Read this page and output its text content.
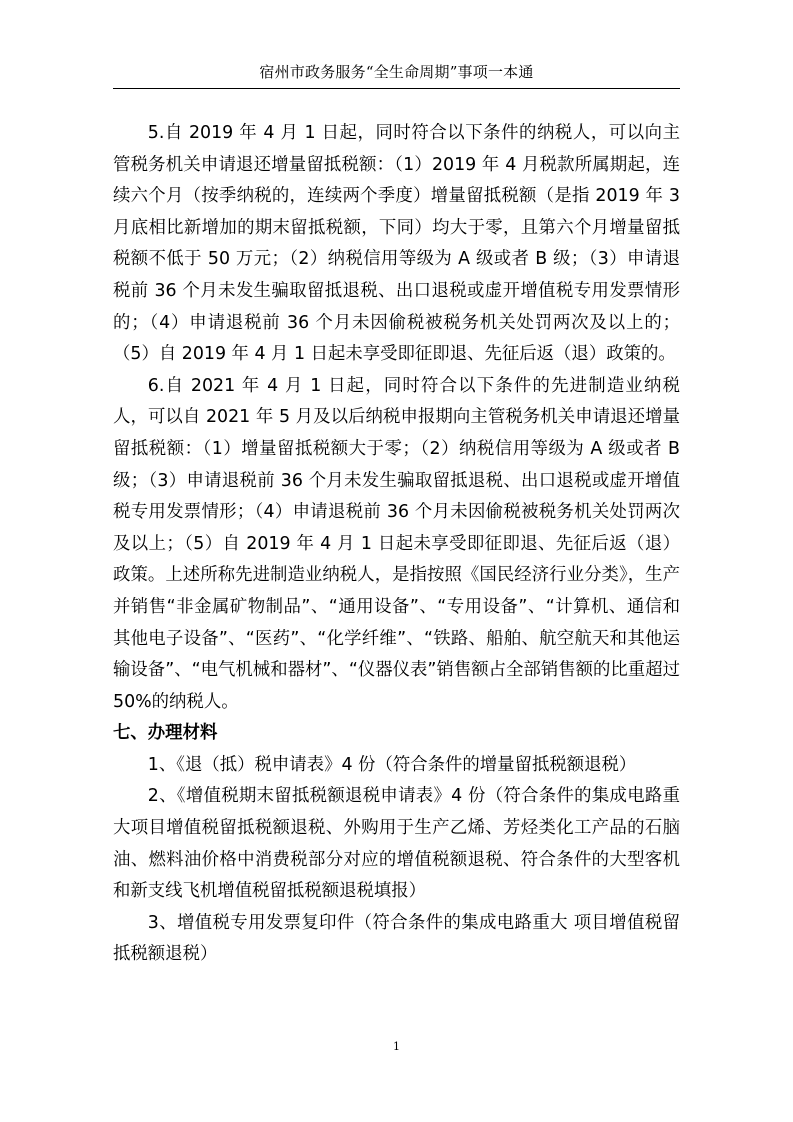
宿州市政务服务“全生命周期”事项一本通

5.自 2019 年 4 月 1 日起，同时符合以下条件的纳税人，可以向主管税务机关申请退还增量留抵税额：（1）2019 年 4 月税款所属期起，连续六个月（按季纳税的，连续两个季度）增量留抵税额（是指 2019 年 3 月底相比新增加的期末留抵税额，下同）均大于零，且第六个月增量留抵税额不低于 50 万元；（2）纳税信用等级为 A 级或者 B 级；（3）申请退税前 36 个月未发生骗取留抵退税、出口退税或虚开增值税专用发票情形的；（4）申请退税前 36 个月未因偷税被税务机关处罚两次及以上的；（5）自 2019 年 4 月 1 日起未享受即征即退、先征后返（退）政策的。

6.自 2021 年 4 月 1 日起，同时符合以下条件的先进制造业纳税人，可以自 2021 年 5 月及以后纳税申报期向主管税务机关申请退还增量留抵税额：（1）增量留抵税额大于零；（2）纳税信用等级为 A 级或者 B 级；（3）申请退税前 36 个月未发生骗取留抵退税、出口退税或虚开增值税专用发票情形；（4）申请退税前 36 个月未因偷税被税务机关处罚两次及以上；（5）自 2019 年 4 月 1 日起未享受即征即退、先征后返（退）政策。上述所称先进制造业纳税人，是指按照《国民经济行业分类》，生产并销售“非金属矿物制品”、“通用设备”、“专用设备”、“计算机、通信和其他电子设备”、“医药”、“化学纤维”、“铁路、船舶、航空航天和其他运输设备”、“电气机械和器材”、“仪器仪表”销售额占全部销售额的比重超过 50%的纳税人。

七、办理材料

1、《退（抵）税申请表》4 份（符合条件的增量留抵税额退税）

2、《增值税期末留抵税额退税申请表》4 份（符合条件的集成电路重大项目增值税留抵税额退税、外购用于生产乙烯、芳烃类化工产品的石脑油、燃料油价格中消费税部分对应的增值税额退税、符合条件的大型客机和新支线飞机增值税留抵税额退税填报）

3、增值税专用发票复印件（符合条件的集成电路重大 项目增值税留抵税额退税）

1
